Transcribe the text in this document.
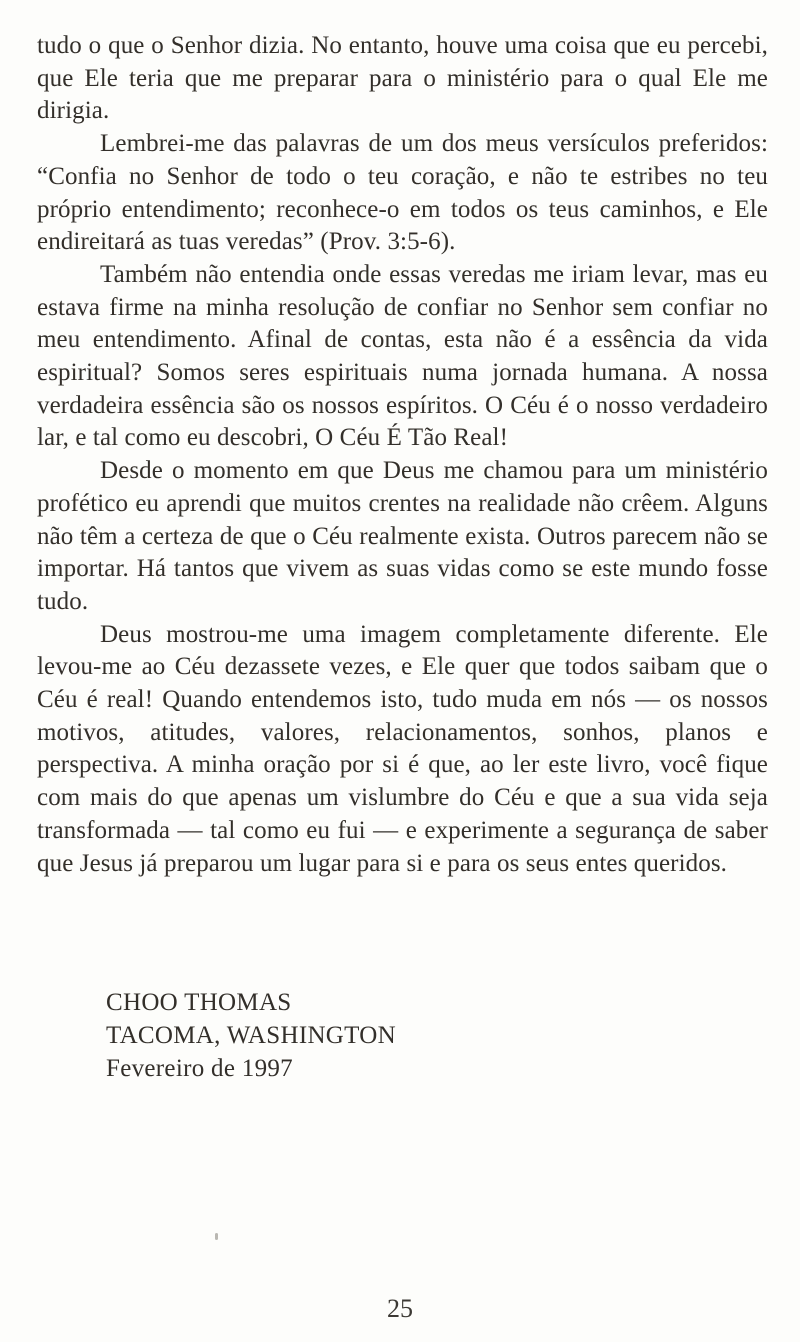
tudo o que o Senhor dizia. No entanto, houve uma coisa que eu percebi, que Ele teria que me preparar para o ministério para o qual Ele me dirigia.

Lembrei-me das palavras de um dos meus versículos preferidos: “Confia no Senhor de todo o teu coração, e não te estribes no teu próprio entendimento; reconhece-o em todos os teus caminhos, e Ele endireitará as tuas veredas” (Prov. 3:5-6).

Também não entendia onde essas veredas me iriam levar, mas eu estava firme na minha resolução de confiar no Senhor sem confiar no meu entendimento. Afinal de contas, esta não é a essência da vida espiritual? Somos seres espirituais numa jornada humana. A nossa verdadeira essência são os nossos espíritos. O Céu é o nosso verdadeiro lar, e tal como eu descobri, O Céu É Tão Real!

Desde o momento em que Deus me chamou para um ministério profético eu aprendi que muitos crentes na realidade não crêem. Alguns não têm a certeza de que o Céu realmente exista. Outros parecem não se importar. Há tantos que vivem as suas vidas como se este mundo fosse tudo.

Deus mostrou-me uma imagem completamente diferente. Ele levou-me ao Céu dezassete vezes, e Ele quer que todos saibam que o Céu é real! Quando entendemos isto, tudo muda em nós — os nossos motivos, atitudes, valores, relacionamentos, sonhos, planos e perspectiva. A minha oração por si é que, ao ler este livro, você fique com mais do que apenas um vislumbre do Céu e que a sua vida seja transformada — tal como eu fui — e experimente a segurança de saber que Jesus já preparou um lugar para si e para os seus entes queridos.

CHOO THOMAS
TACOMA, WASHINGTON
Fevereiro de 1997
25
